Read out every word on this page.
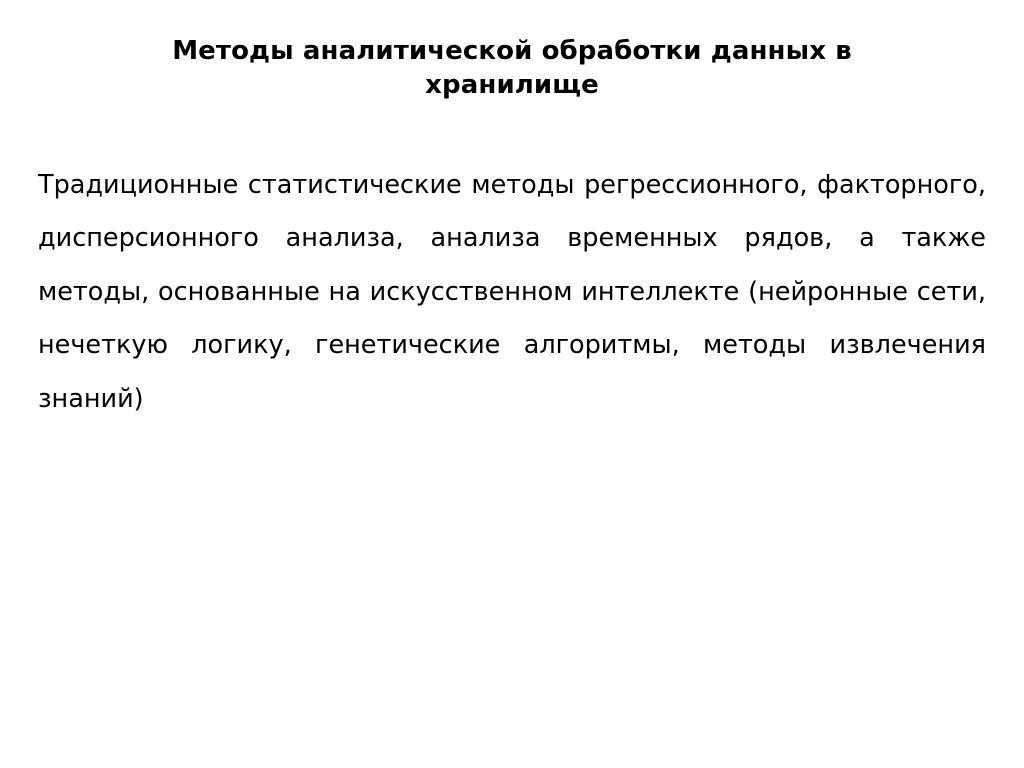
Методы аналитической обработки данных в хранилище

Традиционные статистические методы регрессионного, факторного, дисперсионного анализа, анализа временных рядов, а также методы, основанные на искусственном интеллекте (нейронные сети, нечеткую логику, генетические алгоритмы, методы извлечения знаний)
